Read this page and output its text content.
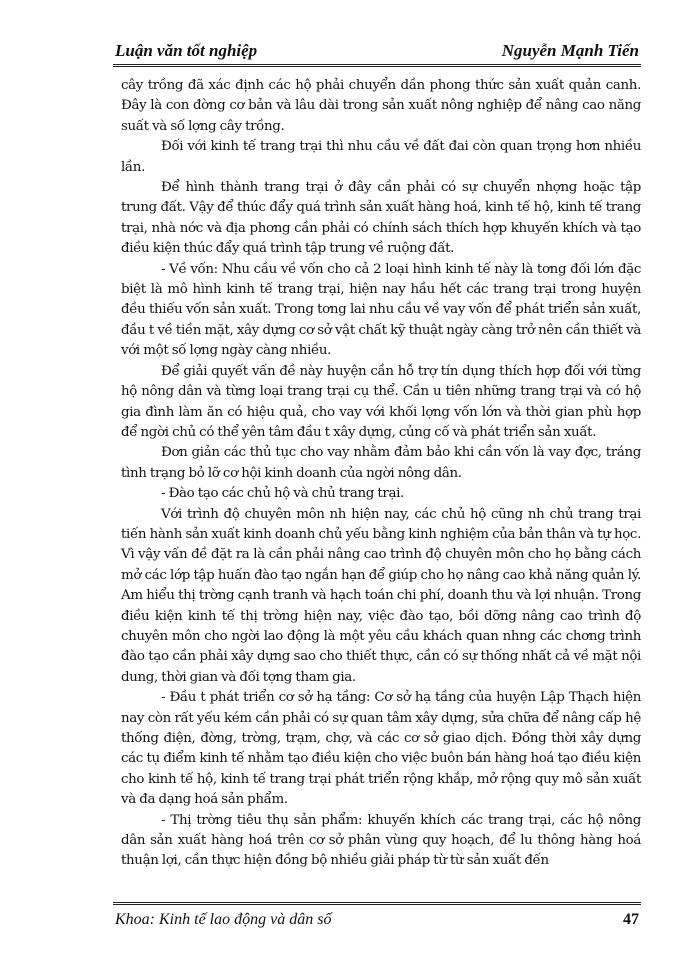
Luận văn tốt nghiệp	Nguyễn Mạnh Tiến

cây trồng đã xác định các hộ phải chuyển dần phong thức sản xuất quản canh. Đây là con đờng cơ bản và lâu dài trong sản xuất nông nghiệp để nâng cao năng suất và số lợng cây trồng.

Đối với kinh tế trang trại thì nhu cầu về đất đai còn quan trọng hơn nhiều lần.

Để hình thành trang trại ở đây cần phải có sự chuyển nhợng hoặc tập trung đất. Vậy để thúc đẩy quá trình sản xuất hàng hoá, kinh tế hộ, kinh tế trang trại, nhà nớc và địa phơng cần phải có chính sách thích hợp khuyến khích và tạo điều kiện thúc đẩy quá trình tập trung về ruộng đất.

- Về vốn: Nhu cầu về vốn cho cả 2 loại hình kinh tế này là tơng đối lớn đặc biệt là mô hình kinh tế trang trại, hiện nay hầu hết các trang trại trong huyện đều thiếu vốn sản xuất. Trong tơng lai nhu cầu về vay vốn để phát triển sản xuất, đầu t về tiền mặt, xây dựng cơ sở vật chất kỹ thuật ngày càng trở nên cần thiết và với một số lợng ngày càng nhiều.

Để giải quyết vấn đề này huyện cần hỗ trợ tín dụng thích hợp đối với từng hộ nông dân và từng loại trang trại cụ thể. Cần u tiên những trang trại và có hộ gia đình làm ăn có hiệu quả, cho vay với khối lợng vốn lớn và thời gian phù hợp để ngời chủ có thể yên tâm đầu t xây dựng, củng cố và phát triển sản xuất.

Đơn giản các thủ tục cho vay nhằm đảm bảo khi cần vốn là vay đợc, tráng tình trạng bỏ lỡ cơ hội kinh doanh của ngời nông dân.

- Đào tạo các chủ hộ và chủ trang trại.

Với trình độ chuyên môn nh hiện nay, các chủ hộ cũng nh chủ trang trại tiến hành sản xuất kinh doanh chủ yếu bằng kinh nghiệm của bản thân và tự học. Vì vậy vấn đề đặt ra là cần phải nâng cao trình độ chuyên môn cho họ bằng cách mở các lớp tập huấn đào tạo ngắn hạn để giúp cho họ nâng cao khả năng quản lý. Am hiểu thị trờng cạnh tranh và hạch toán chi phí, doanh thu và lợi nhuận. Trong điều kiện kinh tế thị trờng hiện nay, việc đào tạo, bồi dỡng nâng cao trình độ chuyên môn cho ngời lao động là một yêu cầu khách quan nhng các chơng trình đào tạo cần phải xây dựng sao cho thiết thực, cần có sự thống nhất cả về mặt nội dung, thời gian và đối tợng tham gia.

- Đầu t phát triển cơ sở hạ tầng: Cơ sở hạ tầng của huyện Lập Thạch hiện nay còn rất yếu kém cần phải có sự quan tâm xây dựng, sửa chữa để nâng cấp hệ thống điện, đờng, trờng, trạm, chợ, và các cơ sở giao dịch. Đồng thời xây dựng các tụ điểm kinh tế nhằm tạo điều kiện cho việc buôn bán hàng hoá tạo điều kiện cho kinh tế hộ, kinh tế trang trại phát triển rộng khắp, mở rộng quy mô sản xuất và đa dạng hoá sản phẩm.

- Thị trờng tiêu thụ sản phẩm: khuyến khích các trang trại, các hộ nông dân sản xuất hàng hoá trên cơ sở phân vùng quy hoạch, để lu thông hàng hoá thuận lợi, cần thực hiện đồng bộ nhiều giải pháp từ từ sản xuất đến

Khoa: Kinh tế lao động và dân số	47
